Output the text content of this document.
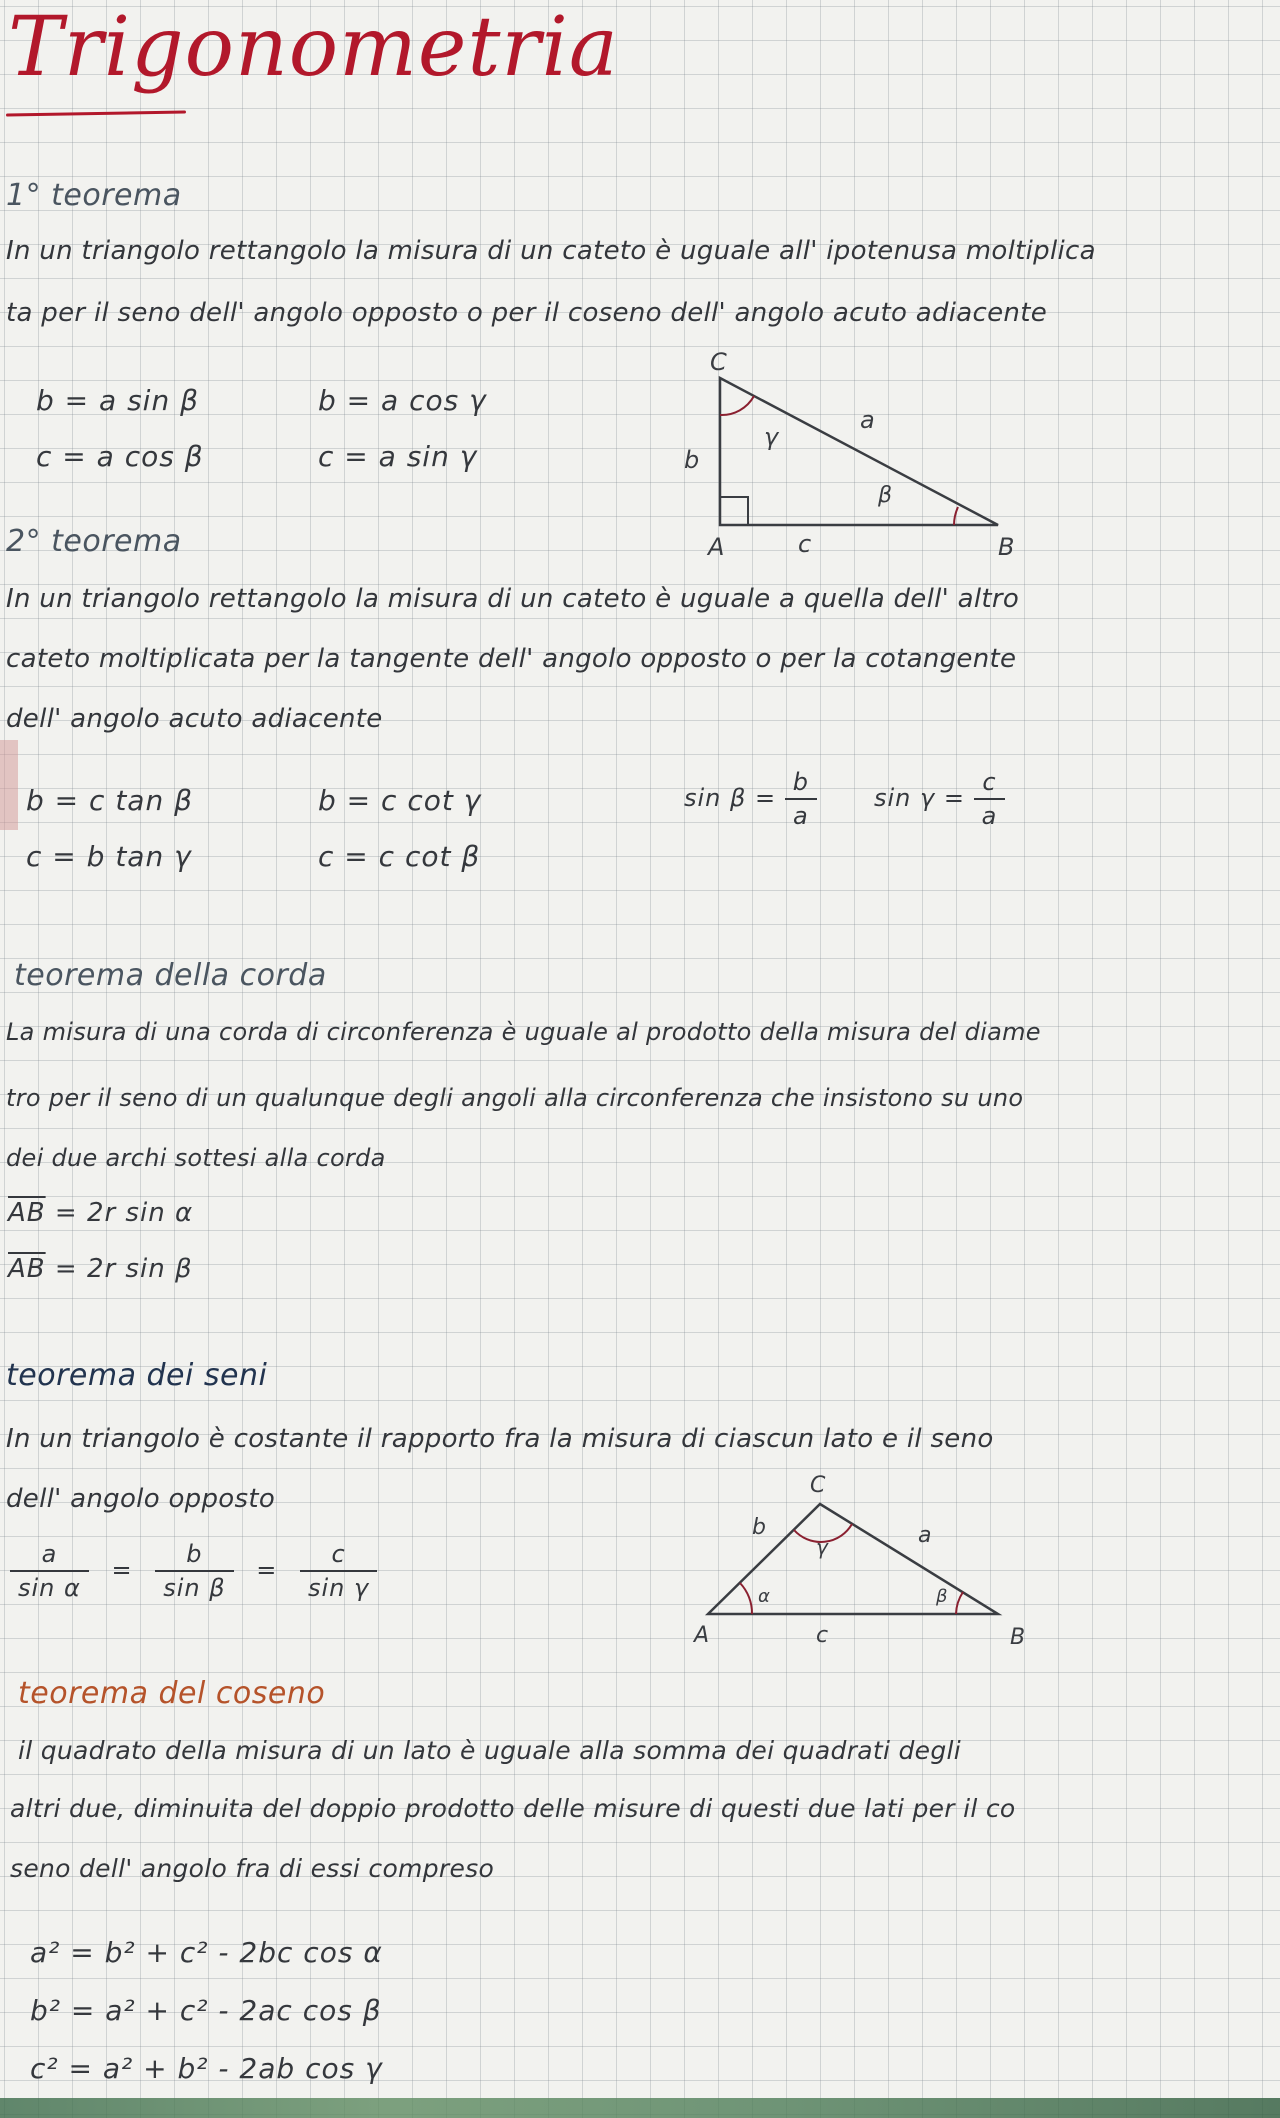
Trigonometria
1° teorema
In un triangolo rettangolo la misura di un cateto è uguale all' ipotenusa moltiplica
ta per il seno dell' angolo opposto o per il coseno dell' angolo acuto adiacente
b = a sin β
c = a cos β
b = a cos γ
c = a sin γ
C
A	B
a
b
c
γ
β
2° teorema
In un triangolo rettangolo la misura di un cateto è uguale a quella dell' altro
cateto moltiplicata per la tangente dell' angolo opposto o per la cotangente
dell' angolo acuto adiacente
b = c tan β
c = b tan γ
b = c cot γ
c = c cot β
$\sin \beta = \frac{b}{a}$ $\sin \gamma = \frac{c}{a}$
teorema della corda
La misura di una corda di circonferenza è uguale al prodotto della misura del diame
tro per il seno di un qualunque degli angoli alla circonferenza che insistono su uno
dei due archi sottesi alla corda
$\overline{AB} = 2r$ sin α
$\overline{AB} = 2r$ sin β
teorema dei seni
In un triangolo è costante il rapporto fra la misura di ciascun lato e il seno
dell' angolo opposto
$\frac{a}{\text{sin α}} = \frac{b}{\text{sin β}} = \frac{c}{\text{sin γ}}$
C
A	B
a
b
c
α
γ
β
teorema del coseno
il quadrato della misura di un lato è uguale alla somma dei quadrati degli
altri due, diminuita del doppio prodotto delle misure di questi due lati per il co
seno dell' angolo fra di essi compreso
a² = b² + c² - 2bc cos α
b² = a² + c² - 2ac cos β
c² = a² + b² - 2ab cos γ
